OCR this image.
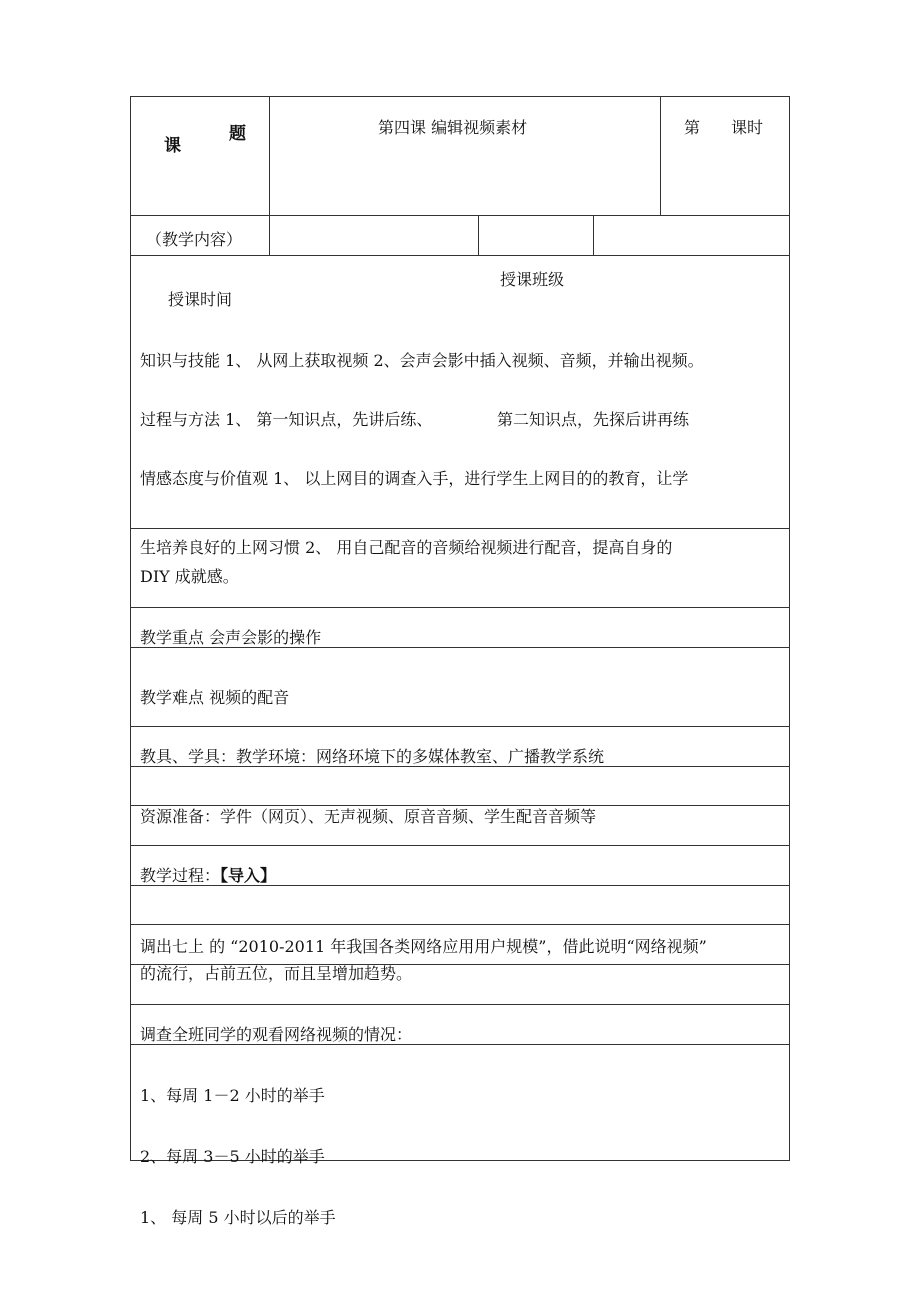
课
题	第四课 编辑视频素材	第 课时
（教学内容）
授课班级
授课时间
知识与技能 1、 从网上获取视频 2、会声会影中插入视频、音频，并输出视频。
过程与方法 1、 第一知识点，先讲后练、	第二知识点，先探后讲再练
情感态度与价值观 1、 以上网目的调查入手，进行学生上网目的的教育，让学
生培养良好的上网习惯 2、 用自己配音的音频给视频进行配音，提高自身的
DIY 成就感。
教学重点 会声会影的操作
教学难点 视频的配音
教具、学具：教学环境：网络环境下的多媒体教室、广播教学系统
资源准备：学件（网页）、无声视频、原音音频、学生配音音频等
教学过程：【导入】
调出七上 的 “2010-2011 年我国各类网络应用用户规模”，借此说明“网络视频”
的流行，占前五位，而且呈增加趋势。
调查全班同学的观看网络视频的情况：
1、每周 1－2 小时的举手
2、每周 3－5 小时的举手
1、 每周 5 小时以后的举手
